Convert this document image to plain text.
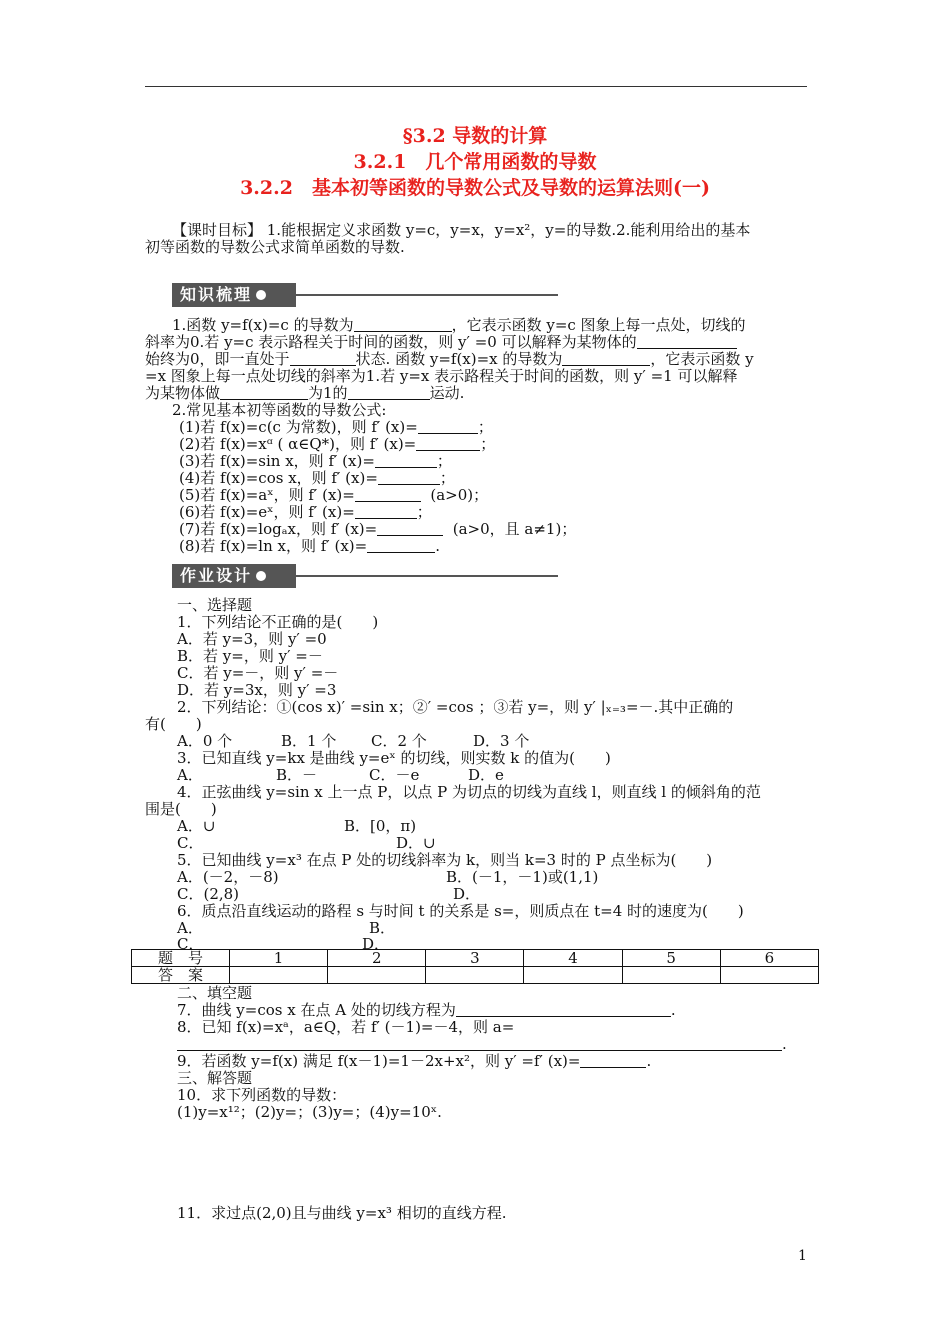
§3.2 导数的计算
3.2.1　几个常用函数的导数
3.2.2　基本初等函数的导数公式及导数的运算法则(一)
【课时目标】 1.能根据定义求函数 y=c，y=x，y=x²，y=的导数.2.能利用给出的基本
初等函数的导数公式求简单函数的导数.
知识梳理
1.函数 y=f(x)=c 的导数为	，它表示函数 y=c 图象上每一点处，切线的
斜率为0.若 y=c 表示路程关于时间的函数，则 y′ =0 可以解释为某物体的
始终为0，即一直处于	状态. 函数 y=f(x)=x 的导数为	，它表示函数 y
=x 图象上每一点处切线的斜率为1.若 y=x 表示路程关于时间的函数，则 y′ =1 可以解释
为某物体做	为1的	运动.
2.常见基本初等函数的导数公式:
(1)若 f(x)=c(c 为常数)，则 f′ (x)=	；
(2)若 f(x)=xᵅ ( α∈Q*)，则 f′ (x)=	；
(3)若 f(x)=sin x，则 f′ (x)=	；
(4)若 f(x)=cos x，则 f′ (x)=	；
(5)若 f(x)=aˣ，则 f′ (x)=	(a>0)；
(6)若 f(x)=eˣ，则 f′ (x)=	；
(7)若 f(x)=logₐx，则 f′ (x)=	(a>0，且 a≠1)；
(8)若 f(x)=ln x，则 f′ (x)=	.
作业设计
一、选择题
1．下列结论不正确的是(　　)
A．若 y=3，则 y′ =0
B．若 y=，则 y′ =－
C．若 y=－，则 y′ =－
D．若 y=3x，则 y′ =3
2．下列结论：①(cos x)′ =sin x；②′ =cos ；③若 y=，则 y′ |ₓ₌₃=－.其中正确的
有(　　)
A．0 个	B．1 个 C．2 个	D．3 个
3．已知直线 y=kx 是曲线 y=eˣ 的切线，则实数 k 的值为(　　)
A．	B．－	C．－e	D．e
4．正弦曲线 y=sin x 上一点 P，以点 P 为切点的切线为直线 l，则直线 l 的倾斜角的范
围是(　　)
A．∪	B．[0，π)
C．	D．∪
5．已知曲线 y=x³ 在点 P 处的切线斜率为 k，则当 k=3 时的 P 点坐标为(　　)
A．(－2，－8)	B．(－1，－1)或(1,1)
C．(2,8)	D．
6．质点沿直线运动的路程 s 与时间 t 的关系是 s=，则质点在 t=4 时的速度为(　　)
A．	B．
C．	D．
题　号	1	2	3	4	5	6
答　案						
二、填空题
7．曲线 y=cos x 在点 A 处的切线方程为	.
8．已知 f(x)=xᵃ，a∈Q，若 f′ (－1)=－4，则 a=
.
9．若函数 y=f(x) 满足 f(x－1)=1－2x+x²，则 y′ =f′ (x)=	.
三、解答题
10．求下列函数的导数：
(1)y=x¹²；(2)y=；(3)y=；(4)y=10ˣ.
11．求过点(2,0)且与曲线 y=x³ 相切的直线方程.
1
